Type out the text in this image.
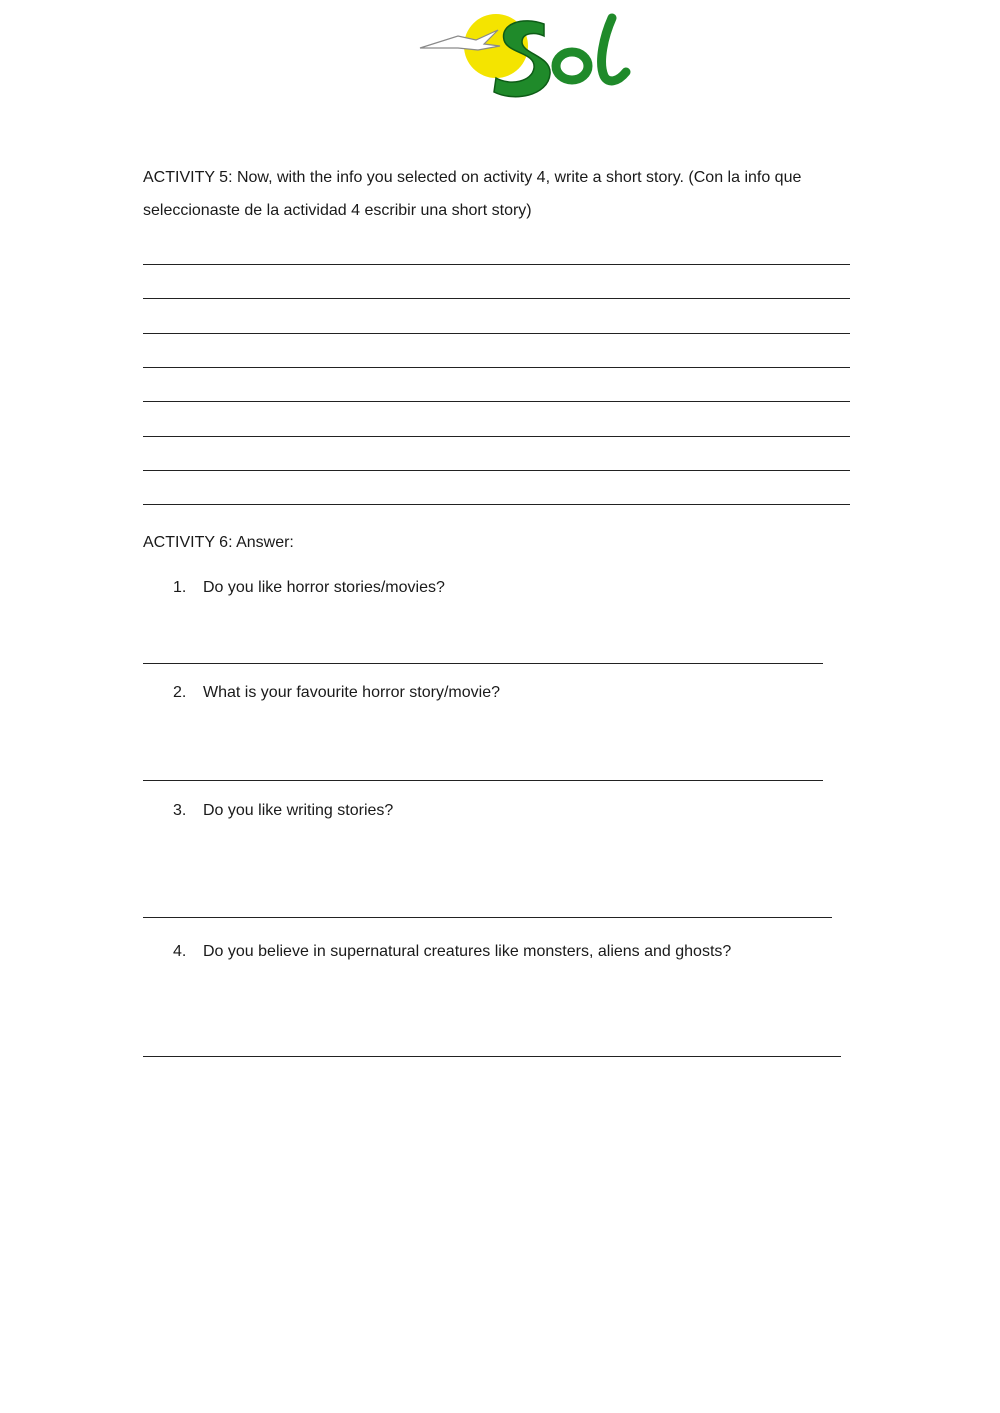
ACTIVITY 5: Now, with the info you selected on activity 4, write a short story. (Con la info que seleccionaste de la actividad 4 escribir una short story)
ACTIVITY 6: Answer:
1. Do you like horror stories/movies?
2. What is your favourite horror story/movie?
3. Do you like writing stories?
4. Do you believe in supernatural creatures like monsters, aliens and ghosts?
